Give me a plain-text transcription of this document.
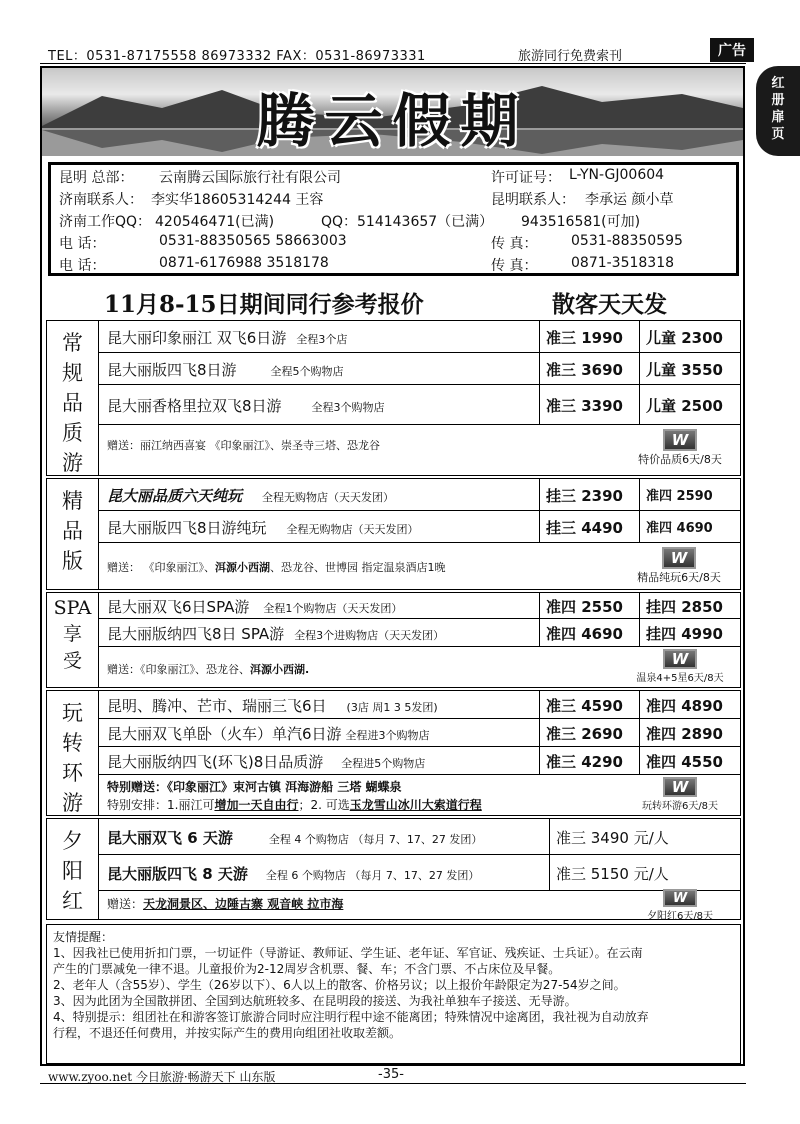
TEL：0531-87175558 86973332 FAX：0531-86973331	旅游同行免费索刊	广告
红
册
扉
页
腾云假期
昆明 总部： 云南腾云国际旅行社有限公司	许可证号： L-YN-GJ00604
济南联系人： 李实华18605314244 王容	昆明联系人： 李承运 颜小草
济南工作QQ： 420546471(已满)	QQ： 514143657（已满） 943516581(可加)
电 话：	0531-88350565 58663003	传 真： 0531-88350595
电 话：	0871-6176988 3518178	传 真： 0871-3518318
11月8-15日期间同行参考报价	散客天天发
常
规
品
质
游
昆大丽印象丽江 双飞6日游 全程3个店	准三 1990	儿童 2300
昆大丽版四飞8日游	全程5个购物店	准三 3690	儿童 3550
昆大丽香格里拉双飞8日游	全程3个购物店	准三 3390	儿童 2500
赠送：丽江纳西喜宴 《印象丽江》、崇圣寺三塔、恐龙谷	W
特价品质6天/8天
精
品
版
昆大丽品质六天纯玩 全程无购物店（天天发团）	挂三 2390	准四 2590
昆大丽版四飞8日游纯玩 全程无购物店（天天发团）	挂三 4490	准四 4690
赠送： 《印象丽江》、洱源小西湖、恐龙谷、世博园 指定温泉酒店1晚
W
精品纯玩6天/8天
SPA
享
受
昆大丽双飞6日SPA游 全程1个购物店（天天发团）	准四 2550	挂四 2850
昆大丽版纳四飞8日 SPA游 全程3个进购物店（天天发团）	准四 4690	挂四 4990
赠送：《印象丽江》、恐龙谷、洱源小西湖.
W
温泉4+5星6天/8天
玩
转
环
游
昆明、腾冲、芒市、瑞丽三飞6日 (3店 周1 3 5发团)	准三 4590	准四 4890
昆大丽双飞单卧（火车）单汽6日游 全程进3个购物店	准三 2690	准四 2890
昆大丽版纳四飞(环飞)8日品质游 全程进5个购物店	准三 4290	准四 4550
特别赠送：《印象丽江》束河古镇 洱海游船 三塔 蝴蝶泉
特别安排：1.丽江可增加一天自由行；2. 可选玉龙雪山冰川大索道行程
W
玩转环游6天/8天
夕
阳
红
昆大丽双飞 6 天游	全程 4 个购物店 （每月 7、17、27 发团）	准三 3490 元/人
昆大丽版四飞 8 天游 全程 6 个购物店 （每月 7、17、27 发团）	准三 5150 元/人
赠送：天龙洞景区、边陲古寨 观音峡 拉市海	W
夕阳红6天/8天
友情提醒：
1、因我社已使用折扣门票，一切证件（导游证、教师证、学生证、老年证、军官证、残疾证、士兵证）。在云南
产生的门票减免一律不退。儿童报价为2-12周岁含机票、餐、车；不含门票、不占床位及早餐。
2、老年人（含55岁）、学生（26岁以下）、6人以上的散客、价格另议；以上报价年龄限定为27-54岁之间。
3、因为此团为全国散拼团、全国到达航班较多、在昆明段的接送、为我社单独车子接送、无导游。
4、特别提示：组团社在和游客签订旅游合同时应注明行程中途不能离团；特殊情况中途离团，我社视为自动放弃
行程，不退还任何费用，并按实际产生的费用向组团社收取差额。
www.zyoo.net 今日旅游·畅游天下 山东版	-35-
